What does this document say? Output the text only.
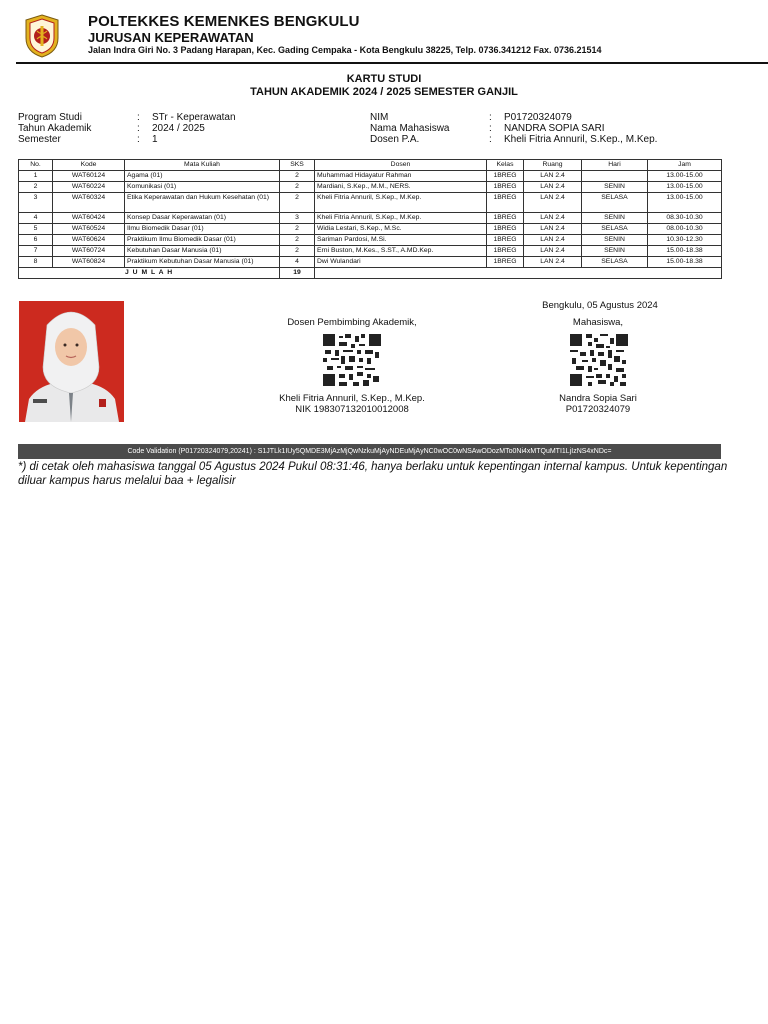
POLTEKKES KEMENKES BENGKULU
JURUSAN KEPERAWATAN
Jalan Indra Giri No. 3 Padang Harapan, Kec. Gading Cempaka - Kota Bengkulu 38225, Telp. 0736.341212 Fax. 0736.21514
KARTU STUDI
TAHUN AKADEMIK 2024 / 2025 SEMESTER GANJIL
Program Studi	: STr - Keperawatan
Tahun Akademik	: 2024 / 2025
Semester	: 1
NIM	: P01720324079
Nama Mahasiswa	: NANDRA SOPIA SARI
Dosen P.A.	: Kheli Fitria Annuril, S.Kep., M.Kep.
No.	Kode	Mata Kuliah	SKS	Dosen	Kelas	Ruang	Hari	Jam
1	WAT60124	Agama (01)	2	Muhammad Hidayatur Rahman	1BREG	LAN 2.4		13.00-15.00
2	WAT60224	Komunikasi (01)	2	Mardiani, S.Kep., M.M., NERS.	1BREG	LAN 2.4	SENIN	13.00-15.00
3	WAT60324	Etika Keperawatan dan Hukum Kesehatan (01)	2	Kheli Fitria Annuril, S.Kep., M.Kep.	1BREG	LAN 2.4	SELASA	13.00-15.00
4	WAT60424	Konsep Dasar Keperawatan (01)	3	Kheli Fitria Annuril, S.Kep., M.Kep.	1BREG	LAN 2.4	SENIN	08.30-10.30
5	WAT60524	Ilmu Biomedik Dasar (01)	2	Widia Lestari, S.Kep., M.Sc.	1BREG	LAN 2.4	SELASA	08.00-10.30
6	WAT60624	Praktikum Ilmu Biomedik Dasar (01)	2	Sariman Pardosi, M.Si.	1BREG	LAN 2.4	SENIN	10.30-12.30
7	WAT60724	Kebutuhan Dasar Manusia (01)	2	Erni Buston, M.Kes., S.ST., A.MD.Kep.	1BREG	LAN 2.4	SENIN	15.00-18.38
8	WAT60824	Praktikum Kebutuhan Dasar Manusia (01)	4	Dwi Wulandari	1BREG	LAN 2.4	SELASA	15.00-18.38
J U M L A H			19					
Bengkulu, 05 Agustus 2024
Dosen Pembimbing Akademik,	Mahasiswa,
Kheli Fitria Annuril, S.Kep., M.Kep.
NIK 198307132010012008
Nandra Sopia Sari
P01720324079
Code Validation (P01720324079,20241) : S1JTLk1IUy5QMDE3MjAzMjQwNzkuMjAyNDEuMjAyNC0wOC0wNSAwODozMTo0Ni4xMTQuMTI1LjIzNS4xNDc=
*) di cetak oleh mahasiswa tanggal 05 Agustus 2024 Pukul 08:31:46, hanya berlaku untuk kepentingan internal kampus. Untuk kepentingan diluar kampus harus melalui baa + legalisir
